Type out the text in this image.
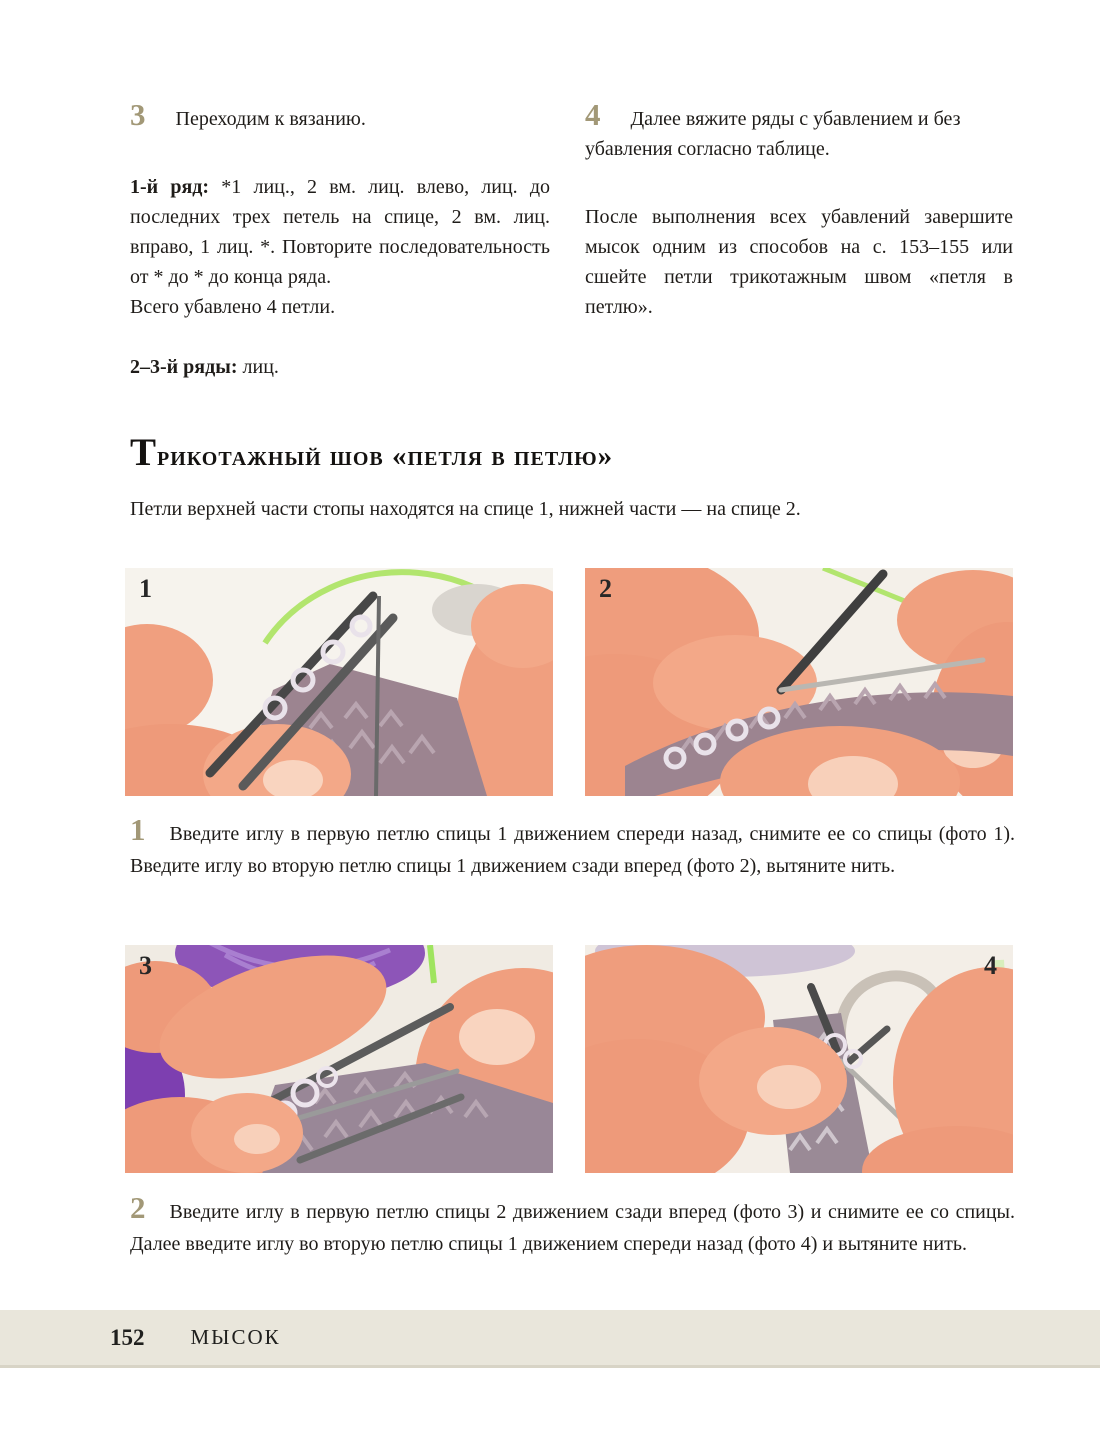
3 Переходим к вязанию.

1-й ряд: *1 лиц., 2 вм. лиц. влево, лиц. до последних трех петель на спице, 2 вм. лиц. вправо, 1 лиц. *. Повторите последовательность от * до * до конца ряда.

Всего убавлено 4 петли.

2–3-й ряды: лиц.

4 Далее вяжите ряды с убавлением и без убавления согласно таблице.

После выполнения всех убавлений завершите мысок одним из способов на с. 153–155 или сшейте петли трикотажным швом «петля в петлю».

Трикотажный шов «петля в петлю»

Петли верхней части стопы находятся на спице 1, нижней части — на спице 2.

1	2

1 Введите иглу в первую петлю спицы 1 движением спереди назад, снимите ее со спицы (фото 1). Введите иглу во вторую петлю спицы 1 движением сзади вперед (фото 2), вытяните нить.

3	4

2 Введите иглу в первую петлю спицы 2 движением сзади вперед (фото 3) и снимите ее со спицы. Далее введите иглу во вторую петлю спицы 1 движением спереди назад (фото 4) и вытяните нить.

152 МЫСОК
